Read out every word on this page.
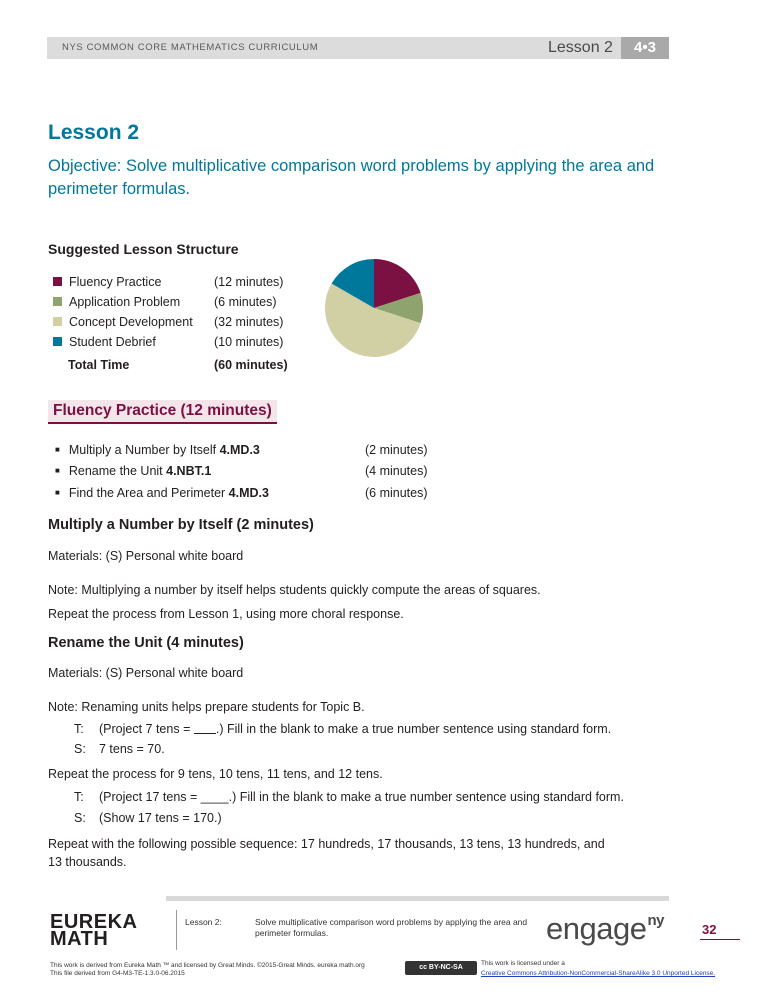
NYS COMMON CORE MATHEMATICS CURRICULUM	Lesson 2	4•3
Lesson 2
Objective: Solve multiplicative comparison word problems by applying the area and perimeter formulas.
Suggested Lesson Structure
Fluency Practice	(12 minutes)
Application Problem	(6 minutes)
Concept Development (32 minutes)
Student Debrief	(10 minutes)
Total Time	(60 minutes)
Fluency Practice (12 minutes)
■ Multiply a Number by Itself 4.MD.3	(2 minutes)
■ Rename the Unit 4.NBT.1	(4 minutes)
■ Find the Area and Perimeter 4.MD.3	(6 minutes)
Multiply a Number by Itself (2 minutes)
Materials: (S) Personal white board
Note: Multiplying a number by itself helps students quickly compute the areas of squares.
Repeat the process from Lesson 1, using more choral response.
Rename the Unit (4 minutes)
Materials: (S) Personal white board
Note: Renaming units helps prepare students for Topic B.
T: (Project 7 tens = .) Fill in the blank to make a true number sentence using standard form.
S: 7 tens = 70.
Repeat the process for 9 tens, 10 tens, 11 tens, and 12 tens.
T: (Project 17 tens = ____.) Fill in the blank to make a true number sentence using standard form.
S: (Show 17 tens = 170.)
Repeat with the following possible sequence: 17 hundreds, 17 thousands, 13 tens, 13 hundreds, and
13 thousands.
EUREKA
MATH
Lesson 2:	Solve multiplicative comparison word problems by applying the area and perimeter formulas.	engage$^{ny}$
32
This work is derived from Eureka Math ™ and licensed by Great Minds. ©2015-Great Minds. eureka math.org
This file derived from G4-M3-TE-1.3.0-06.2015
cc BY-NC-SA
This work is licensed under a
Creative Commons Attribution-NonCommercial-ShareAlike 3.0 Unported License.
